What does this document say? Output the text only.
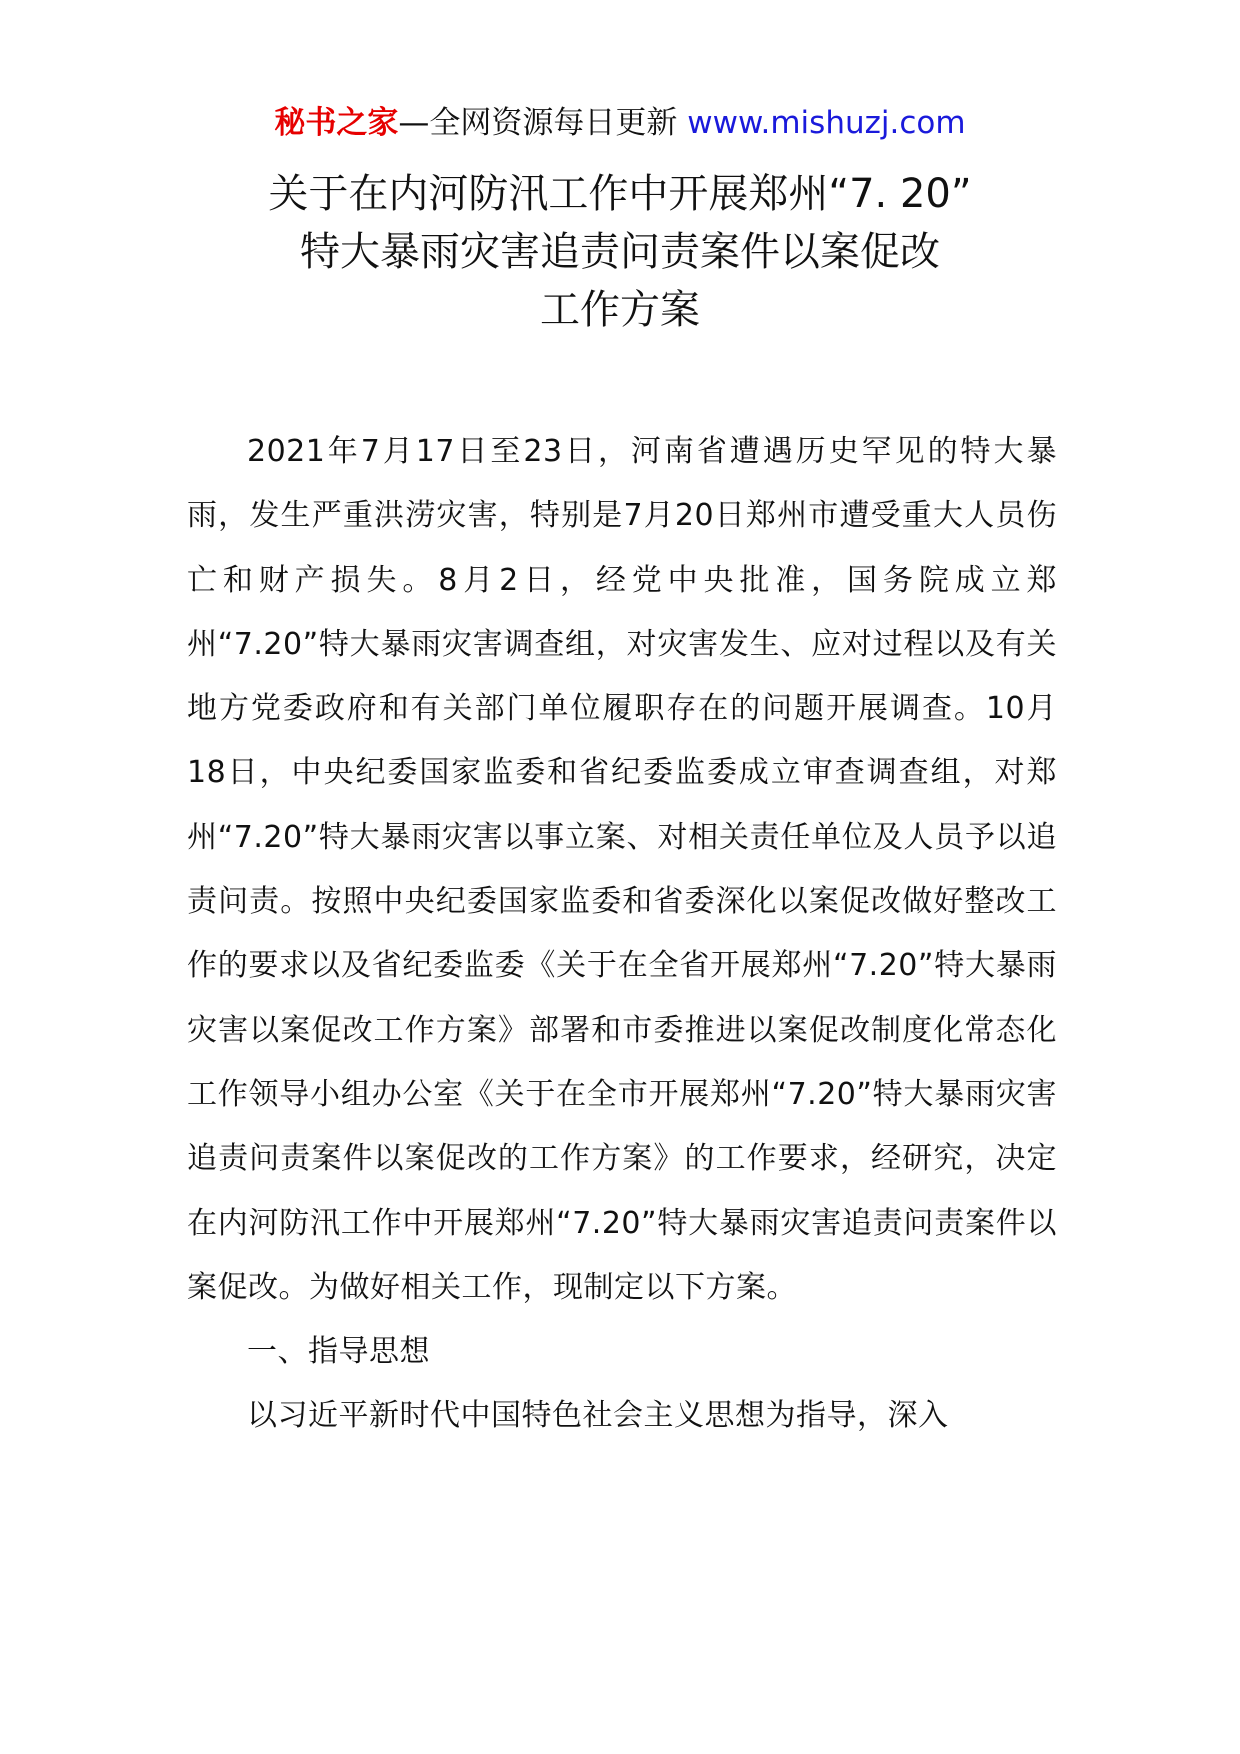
秘书之家—全网资源每日更新 www.mishuzj.com
关于在内河防汛工作中开展郑州“7. 20”
特大暴雨灾害追责问责案件以案促改
工作方案

2021年7月17日至23日，河南省遭遇历史罕见的特大暴雨，发生严重洪涝灾害，特别是7月20日郑州市遭受重大人员伤亡和财产损失。8月2日，经党中央批准，国务院成立郑州“7.20”特大暴雨灾害调查组，对灾害发生、应对过程以及有关地方党委政府和有关部门单位履职存在的问题开展调查。10月18日，中央纪委国家监委和省纪委监委成立审查调查组，对郑州“7.20”特大暴雨灾害以事立案、对相关责任单位及人员予以追责问责。按照中央纪委国家监委和省委深化以案促改做好整改工作的要求以及省纪委监委《关于在全省开展郑州“7.20”特大暴雨灾害以案促改工作方案》部署和市委推进以案促改制度化常态化工作领导小组办公室《关于在全市开展郑州“7.20”特大暴雨灾害追责问责案件以案促改的工作方案》的工作要求，经研究，决定在内河防汛工作中开展郑州“7.20”特大暴雨灾害追责问责案件以案促改。为做好相关工作，现制定以下方案。

一、指导思想

以习近平新时代中国特色社会主义思想为指导，深入
